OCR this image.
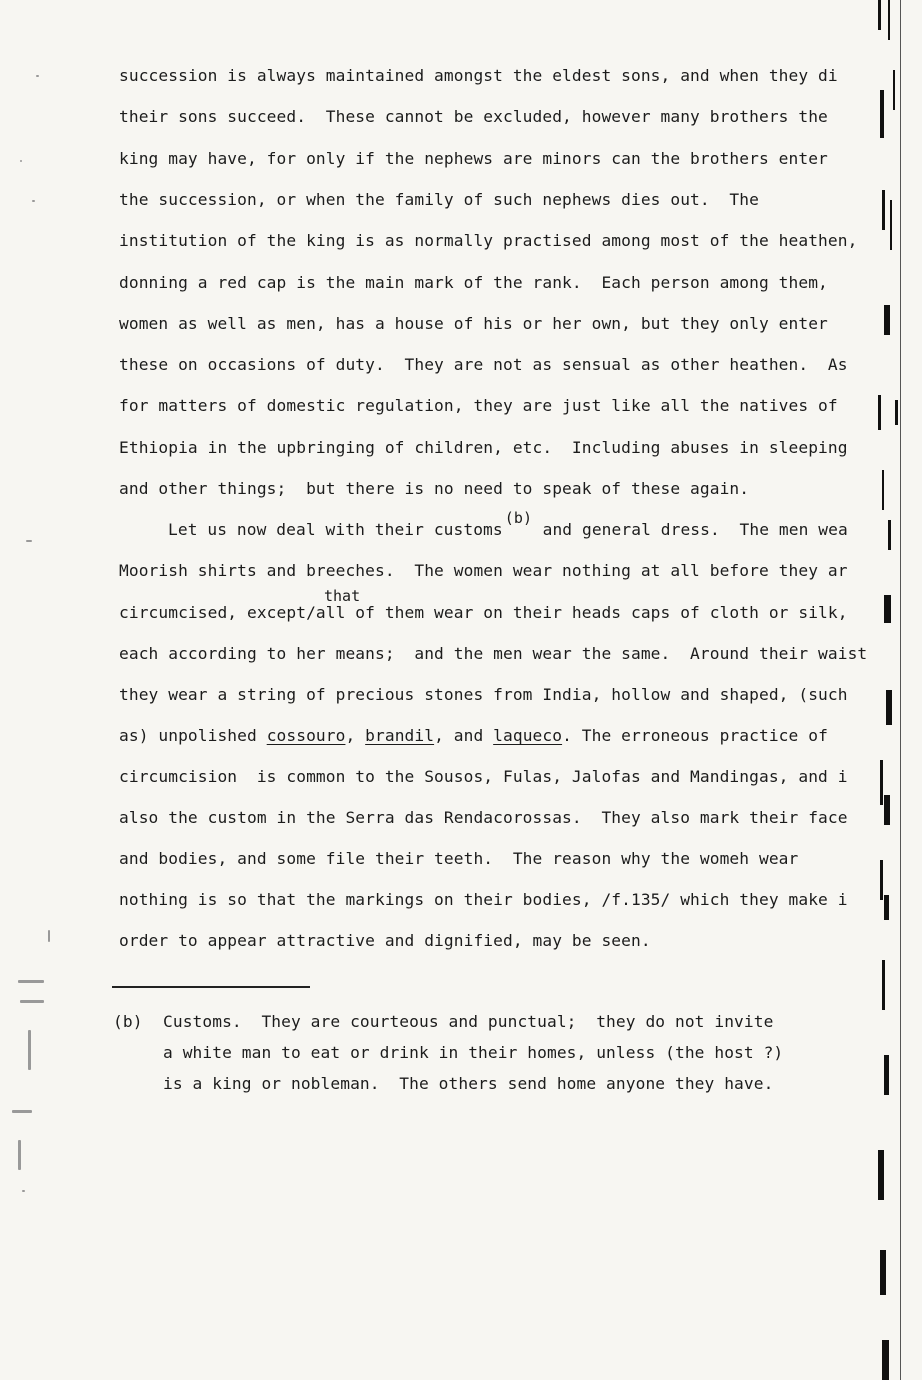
succession is always maintained amongst the eldest sons, and when they di
their sons succeed.  These cannot be excluded, however many brothers the
king may have, for only if the nephews are minors can the brothers enter
the succession, or when the family of such nephews dies out.  The
institution of the king is as normally practised among most of the heathen,
donning a red cap is the main mark of the rank.  Each person among them,
women as well as men, has a house of his or her own, but they only enter
these on occasions of duty.  They are not as sensual as other heathen.  As
for matters of domestic regulation, they are just like all the natives of
Ethiopia in the upbringing of children, etc.  Including abuses in sleeping
and other things;  but there is no need to speak of these again.
Let us now deal with their customs
(b)
and general dress.  The men wea
Moorish shirts and breeches.  The women wear nothing at all before they ar
that
circumcised, except/all of them wear on their heads caps of cloth or silk,
each according to her means;  and the men wear the same.  Around their waist
they wear a string of precious stones from India, hollow and shaped, (such
as) unpolished cossouro, brandil, and laqueco. The erroneous practice of
circumcision  is common to the Sousos, Fulas, Jalofas and Mandingas, and i
also the custom in the Serra das Rendacorossas.  They also mark their face
and bodies, and some file their teeth.  The reason why the womeh wear
nothing is so that the markings on their bodies, /f.135/ which they make i
order to appear attractive and dignified, may be seen.
(b) Customs.  They are courteous and punctual;  they do not invite
a white man to eat or drink in their homes, unless (the host ?)
is a king or nobleman.  The others send home anyone they have.
